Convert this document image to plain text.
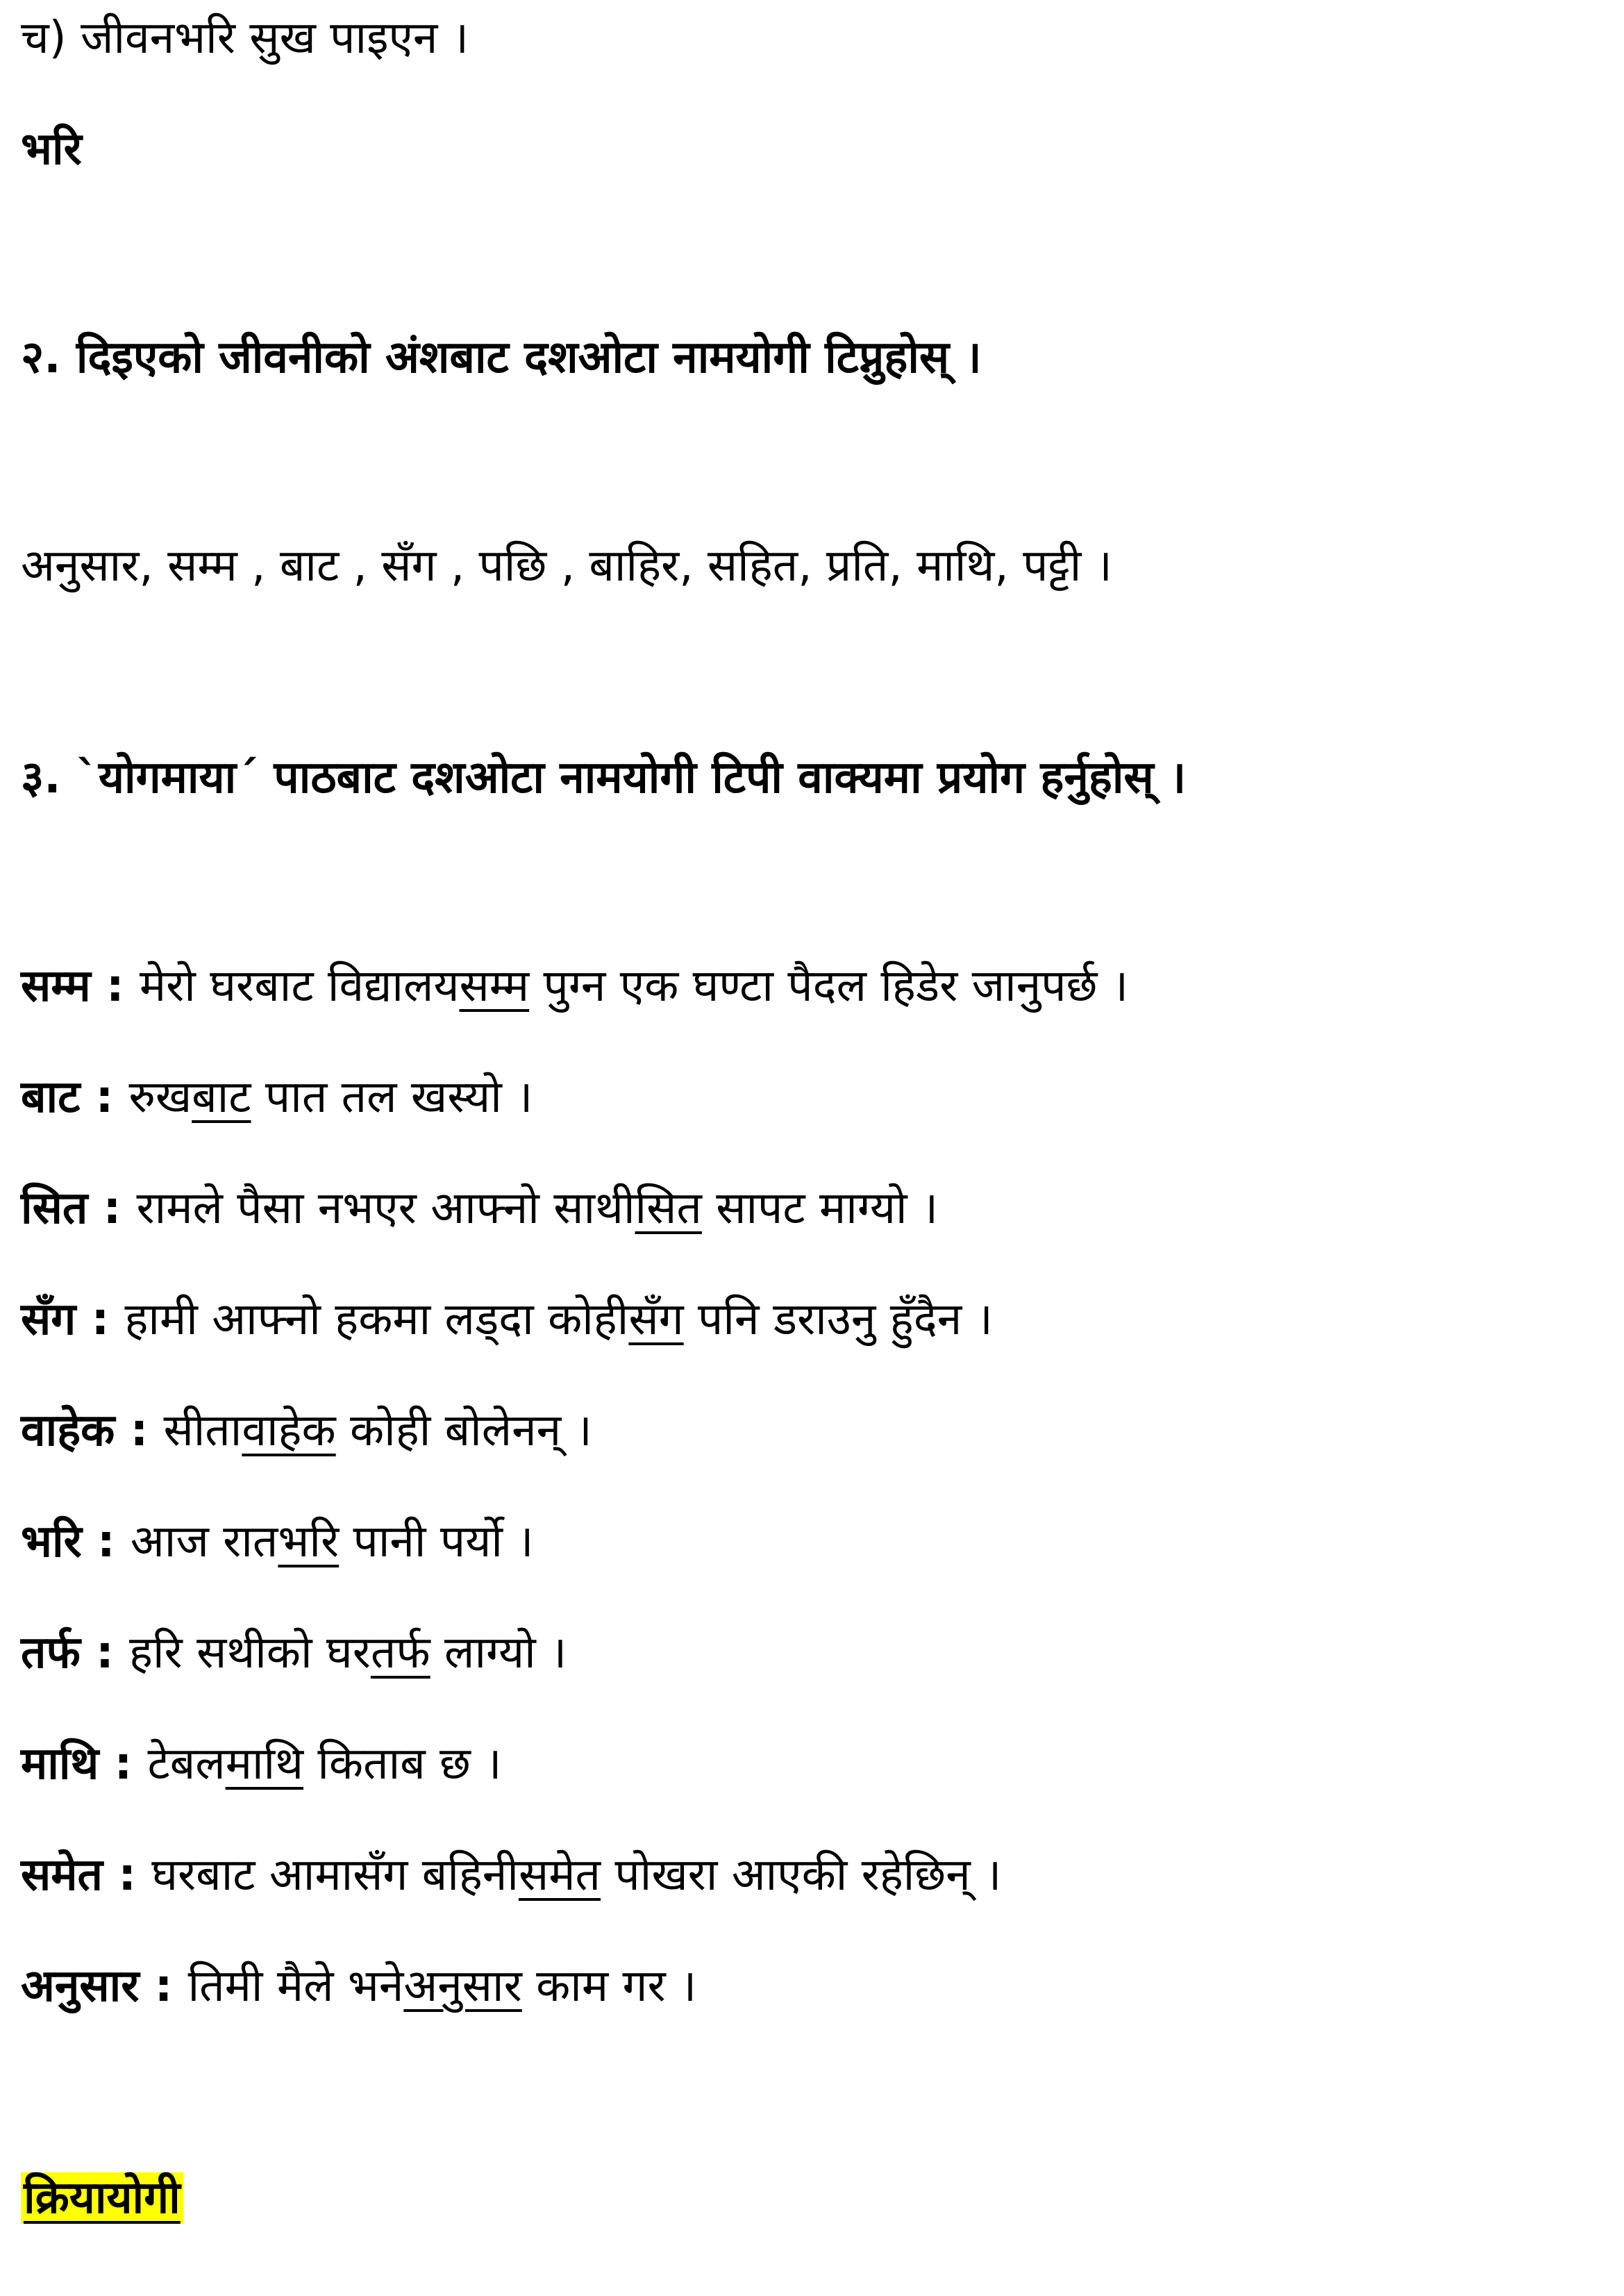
च) जीवनभरि सुख पाइएन ।
भरि
२. दिइएको जीवनीको अंशबाट दशओटा नामयोगी टिप्नुहोस् ।
अनुसार, सम्म , बाट , सँग , पछि , बाहिर, सहित, प्रति, माथि, पट्टी ।
३. `योगमाया´ पाठबाट दशओटा नामयोगी टिपी वाक्यमा प्रयोग हर्नुहोस् ।
सम्म : मेरो घरबाट विद्यालयसम्म पुग्न एक घण्टा पैदल हिडेर जानुपर्छ ।
बाट : रुखबाट पात तल खस्यो ।
सित : रामले पैसा नभएर आफ्नो साथीसित सापट माग्यो ।
सँग : हामी आफ्नो हकमा लड्दा कोहीसँग पनि डराउनु हुँदैन ।
वाहेक : सीतावाहेक कोही बोलेनन् ।
भरि : आज रातभरि पानी पर्यो ।
तर्फ : हरि सथीको घरतर्फ लाग्यो ।
माथि : टेबलमाथि किताब छ ।
समेत : घरबाट आमासँग बहिनीसमेत पोखरा आएकी रहेछिन् ।
अनुसार : तिमी मैले भनेअनुसार काम गर ।
क्रियायोगी
